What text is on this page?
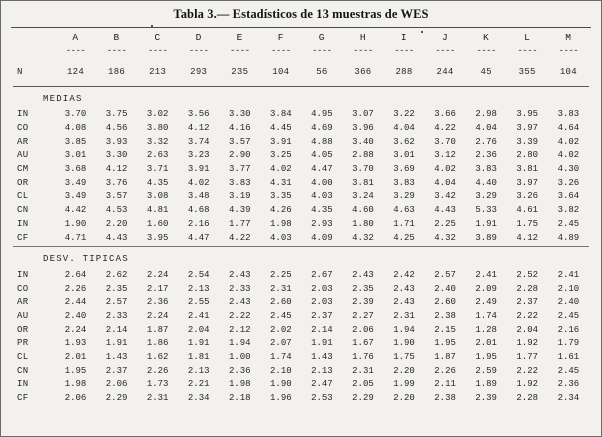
Tabla 3.— Estadísticos de 13 muestras de WES
	A	B	C	D	E	F	G	H	I	J	K	L	M
	----	----	----	----	----	----	----	----	----	----	----	----	----
N	124	186	213	293	235	104	56	366	288	244	45	355	104

MEDIAS													
IN	3.70	3.75	3.02	3.56	3.30	3.84	4.95	3.07	3.22	3.66	2.98	3.95	3.83
CO	4.08	4.56	3.80	4.12	4.16	4.45	4.69	3.96	4.04	4.22	4.04	3.97	4.64
AR	3.85	3.93	3.32	3.74	3.57	3.91	4.88	3.40	3.62	3.70	2.76	3.39	4.02
AU	3.01	3.30	2.63	3.23	2.90	3.25	4.05	2.88	3.01	3.12	2.36	2.80	4.02
CM	3.68	4.12	3.71	3.91	3.77	4.02	4.47	3.70	3.69	4.02	3.83	3.81	4.30
OR	3.49	3.76	4.35	4.02	3.83	4.31	4.00	3.81	3.83	4.04	4.40	3.97	3.26
CL	3.49	3.57	3.08	3.48	3.19	3.35	4.03	3.24	3.29	3.42	3.29	3.26	3.64
CN	4.42	4.53	4.81	4.68	4.39	4.26	4.35	4.60	4.63	4.43	5.33	4.61	3.82
IN	1.90	2.20	1.60	2.16	1.77	1.98	2.93	1.80	1.71	2.25	1.91	1.75	2.45
CF	4.71	4.43	3.95	4.47	4.22	4.03	4.09	4.32	4.25	4.32	3.89	4.12	4.89

DESV. TIPICAS													
IN	2.64	2.62	2.24	2.54	2.43	2.25	2.67	2.43	2.42	2.57	2.41	2.52	2.41
CO	2.26	2.35	2.17	2.13	2.33	2.31	2.03	2.35	2.43	2.40	2.09	2.28	2.10
AR	2.44	2.57	2.36	2.55	2.43	2.60	2.03	2.39	2.43	2.60	2.49	2.37	2.40
AU	2.40	2.33	2.24	2.41	2.22	2.45	2.37	2.27	2.31	2.38	1.74	2.22	2.45
OR	2.24	2.14	1.87	2.04	2.12	2.02	2.14	2.06	1.94	2.15	1.28	2.04	2.16
PR	1.93	1.91	1.86	1.91	1.94	2.07	1.91	1.67	1.90	1.95	2.01	1.92	1.79
CL	2.01	1.43	1.62	1.81	1.00	1.74	1.43	1.76	1.75	1.87	1.95	1.77	1.61
CN	1.95	2.37	2.26	2.13	2.36	2.10	2.13	2.31	2.20	2.26	2.59	2.22	2.45
IN	1.98	2.06	1.73	2.21	1.98	1.90	2.47	2.05	1.99	2.11	1.89	1.92	2.36
CF	2.06	2.29	2.31	2.34	2.18	1.96	2.53	2.29	2.20	2.38	2.39	2.28	2.34
